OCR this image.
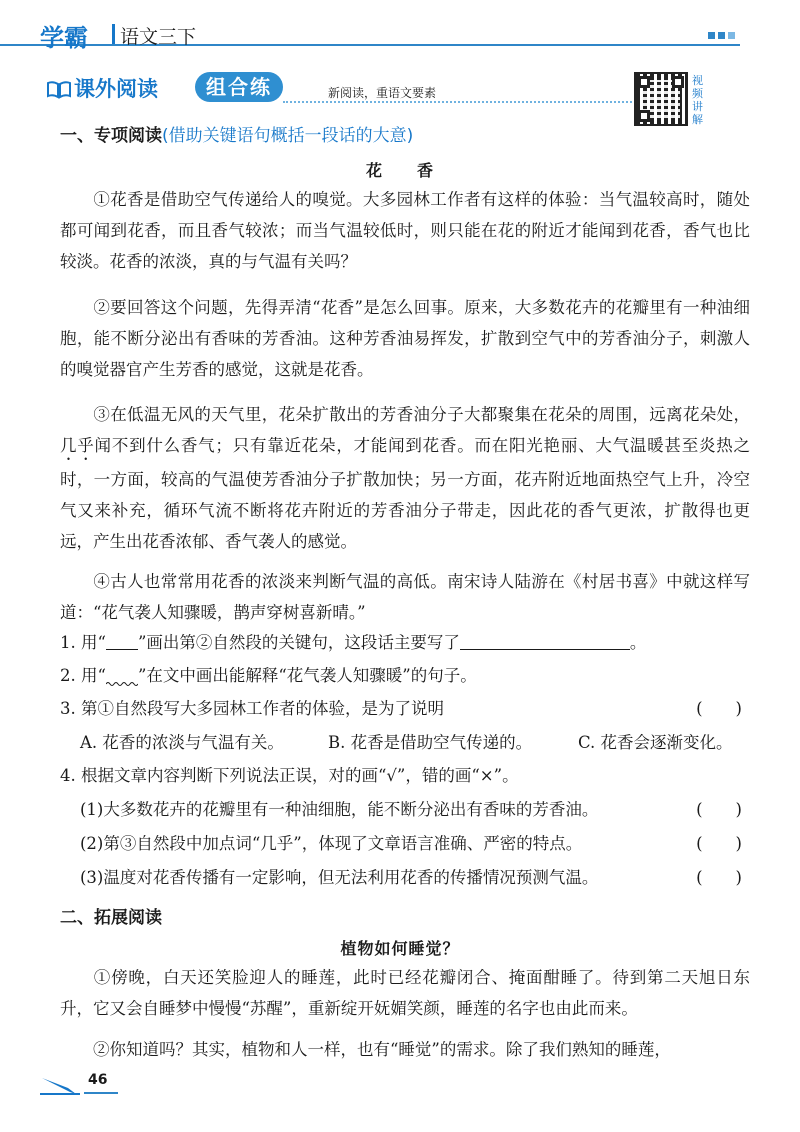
学霸 语文三下
课外阅读	组合练	新阅读，重语文要素
视频讲解
一、专项阅读(借助关键语句概括一段话的大意)
花　　香
①花香是借助空气传递给人的嗅觉。大多园林工作者有这样的体验：当气温较高时，随处都可闻到花香，而且香气较浓；而当气温较低时，则只能在花的附近才能闻到花香，香气也比较淡。花香的浓淡，真的与气温有关吗？
②要回答这个问题，先得弄清“花香”是怎么回事。原来，大多数花卉的花瓣里有一种油细胞，能不断分泌出有香味的芳香油。这种芳香油易挥发，扩散到空气中的芳香油分子，刺激人的嗅觉器官产生芳香的感觉，这就是花香。
③在低温无风的天气里，花朵扩散出的芳香油分子大都聚集在花朵的周围，远离花朵处，几乎闻不到什么香气；只有靠近花朵，才能闻到花香。而在阳光艳丽、大气温暖甚至炎热之时，一方面，较高的气温使芳香油分子扩散加快；另一方面，花卉附近地面热空气上升，冷空气又来补充，循环气流不断将花卉附近的芳香油分子带走，因此花的香气更浓，扩散得也更远，产生出花香浓郁、香气袭人的感觉。
④古人也常常用花香的浓淡来判断气温的高低。南宋诗人陆游在《村居书喜》中就这样写道：“花气袭人知骤暖，鹊声穿树喜新晴。”
1. 用“ ”画出第②自然段的关键句，这段话主要写了	。
2. 用“ ”在文中画出能解释“花气袭人知骤暖”的句子。
3. 第①自然段写大多园林工作者的体验，是为了说明	(　　)
A. 花香的浓淡与气温有关。	B. 花香是借助空气传递的。	C. 花香会逐渐变化。
4. 根据文章内容判断下列说法正误，对的画“√”，错的画“×”。
(1)大多数花卉的花瓣里有一种油细胞，能不断分泌出有香味的芳香油。	(　　)
(2)第③自然段中加点词“几乎”，体现了文章语言准确、严密的特点。	(　　)
(3)温度对花香传播有一定影响，但无法利用花香的传播情况预测气温。	(　　)
二、拓展阅读
植物如何睡觉？
①傍晚，白天还笑脸迎人的睡莲，此时已经花瓣闭合、掩面酣睡了。待到第二天旭日东升，它又会自睡梦中慢慢“苏醒”，重新绽开妩媚笑颜，睡莲的名字也由此而来。
②你知道吗？其实，植物和人一样，也有“睡觉”的需求。除了我们熟知的睡莲，
46
